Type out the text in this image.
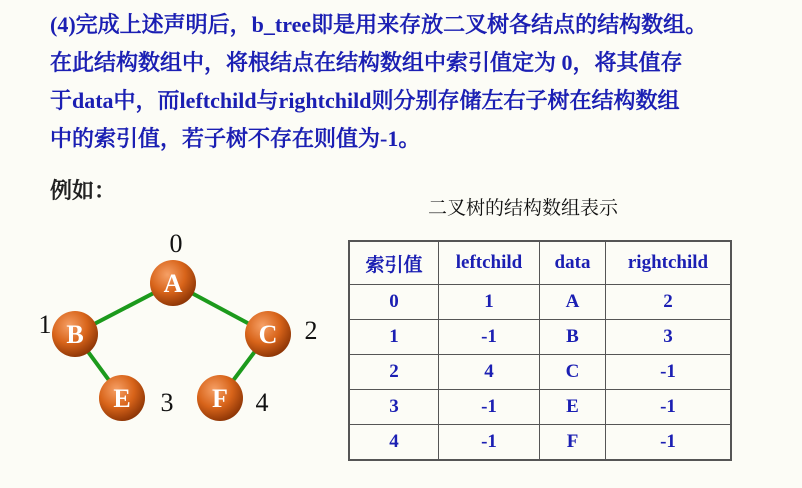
(4)完成上述声明后，b_tree即是用来存放二叉树各结点的结构数组。
在此结构数组中，将根结点在结构数组中索引值定为 0，将其值存
于data中，而leftchild与rightchild则分别存储左右子树在结构数组
中的索引值，若子树不存在则值为-1。
例如：
二叉树的结构数组表示
A
0
B
1	C 2
E 3 F 4
索引值	leftchild	data	rightchild
0	1	A	2
1	-1	B	3
2	4	C	-1
3	-1	E	-1
4	-1	F	-1
